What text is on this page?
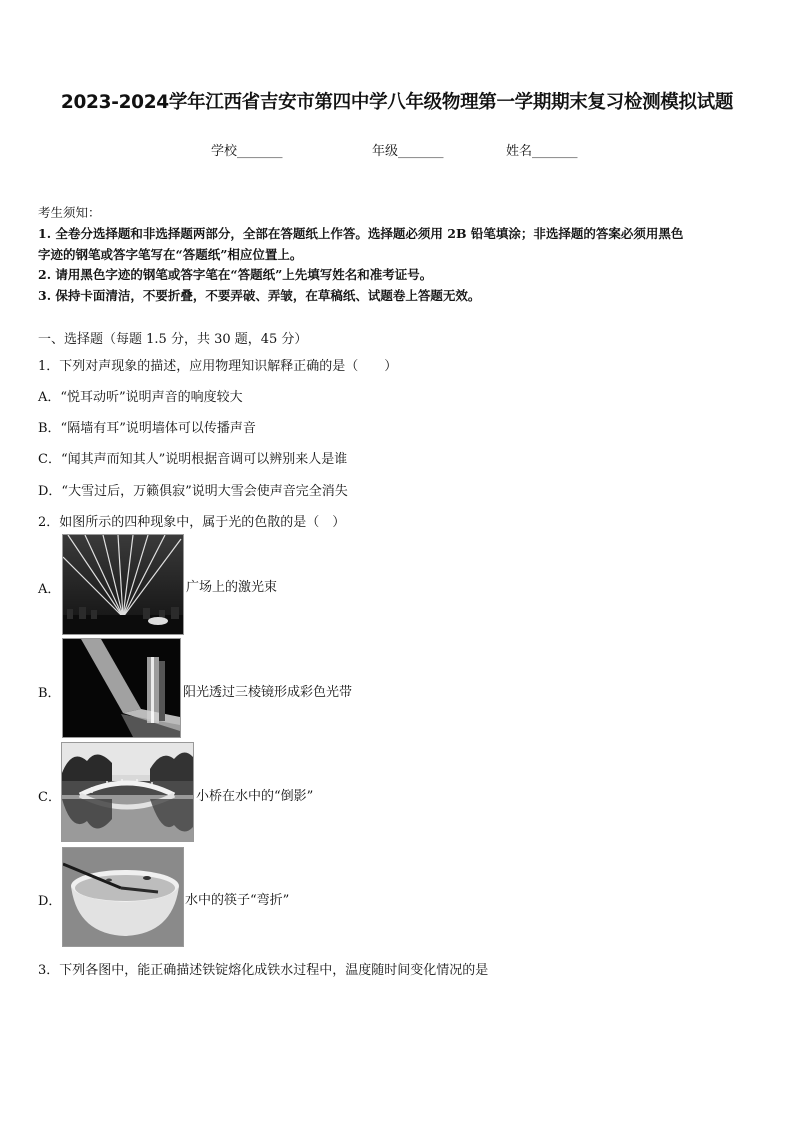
2023-2024学年江西省吉安市第四中学八年级物理第一学期期末复习检测模拟试题
学校_______	年级_______	姓名_______
考生须知：
1. 全卷分选择题和非选择题两部分，全部在答题纸上作答。选择题必须用 2B 铅笔填涂；非选择题的答案必须用黑色
字迹的钢笔或答字笔写在“答题纸”相应位置上。
2. 请用黑色字迹的钢笔或答字笔在“答题纸”上先填写姓名和准考证号。
3. 保持卡面清洁，不要折叠，不要弄破、弄皱，在草稿纸、试题卷上答题无效。
一、选择题（每题 1.5 分，共 30 题，45 分）
1．下列对声现象的描述，应用物理知识解释正确的是（　　）
A．“悦耳动听”说明声音的响度较大
B．“隔墙有耳”说明墙体可以传播声音
C．“闻其声而知其人”说明根据音调可以辨别来人是谁
D．“大雪过后，万籁俱寂”说明大雪会使声音完全消失
2．如图所示的四种现象中，属于光的色散的是（　）
A．	广场上的激光束
B．	阳光透过三棱镜形成彩色光带
C．	小桥在水中的“倒影”
D．	水中的筷子“弯折”
3．下列各图中，能正确描述铁锭熔化成铁水过程中，温度随时间变化情况的是
